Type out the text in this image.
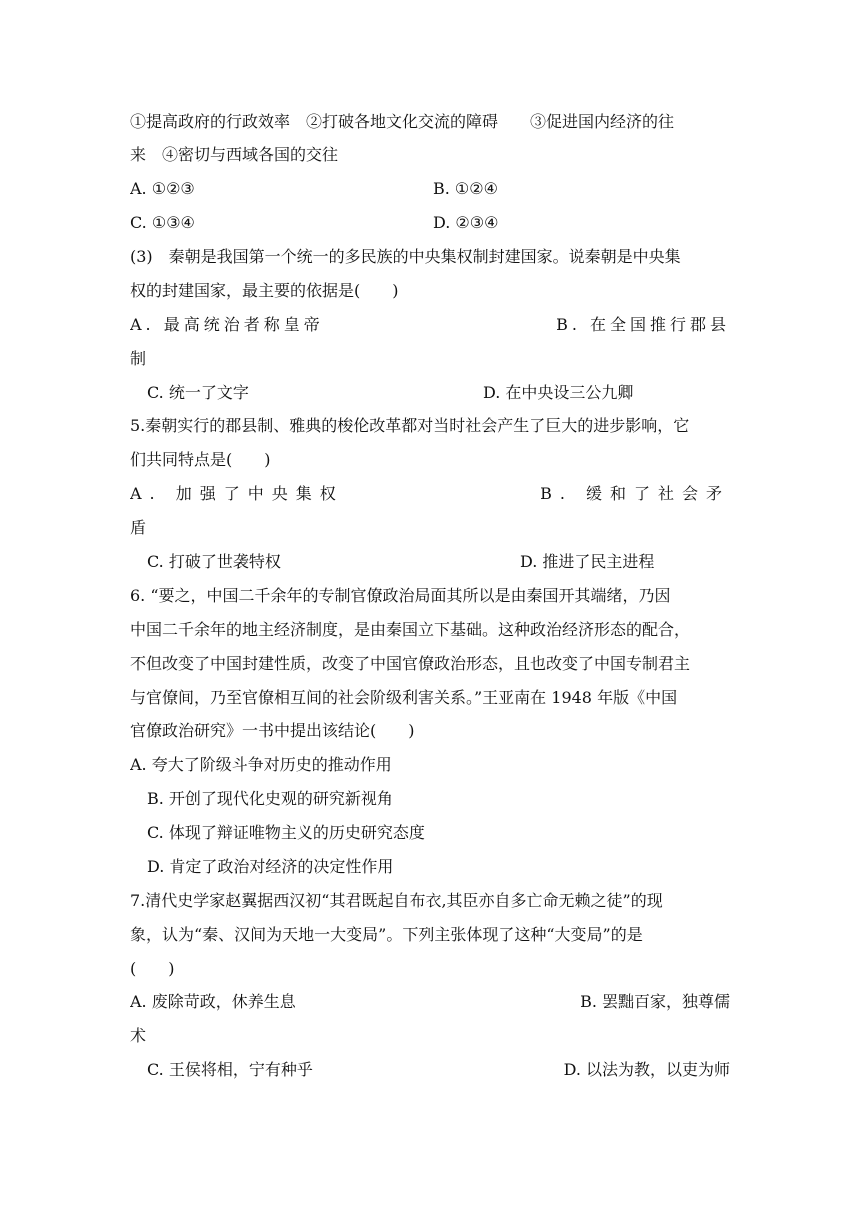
①提高政府的行政效率　②打破各地文化交流的障碍　　③促进国内经济的往
来　④密切与西域各国的交往
A. ①②③	B. ①②④
C. ①③④	D. ②③④
(3)　秦朝是我国第一个统一的多民族的中央集权制封建国家。说秦朝是中央集
权的封建国家，最主要的依据是(　　)
A. 最高统治者称皇帝	B. 在全国推行郡县
制
C. 统一了文字	D. 在中央设三公九卿
5.秦朝实行的郡县制、雅典的梭伦改革都对当时社会产生了巨大的进步影响，它
们共同特点是(　　)
A. 加强了中央集权	B. 缓和了社会矛
盾
C. 打破了世袭特权	D. 推进了民主进程
6. “要之，中国二千余年的专制官僚政治局面其所以是由秦国开其端绪，乃因
中国二千余年的地主经济制度，是由秦国立下基础。这种政治经济形态的配合，
不但改变了中国封建性质，改变了中国官僚政治形态，且也改变了中国专制君主
与官僚间，乃至官僚相互间的社会阶级利害关系。”王亚南在 1948 年版《中国
官僚政治研究》一书中提出该结论(　　)
A. 夸大了阶级斗争对历史的推动作用
B. 开创了现代化史观的研究新视角
C. 体现了辩证唯物主义的历史研究态度
D. 肯定了政治对经济的决定性作用
7.清代史学家赵翼据西汉初“其君既起自布衣,其臣亦自多亡命无赖之徒”的现
象，认为“秦、汉间为天地一大变局”。下列主张体现了这种“大变局”的是
(　　)
A. 废除苛政，休养生息	B. 罢黜百家，独尊儒
术
C. 王侯将相，宁有种乎	D. 以法为教，以吏为师
